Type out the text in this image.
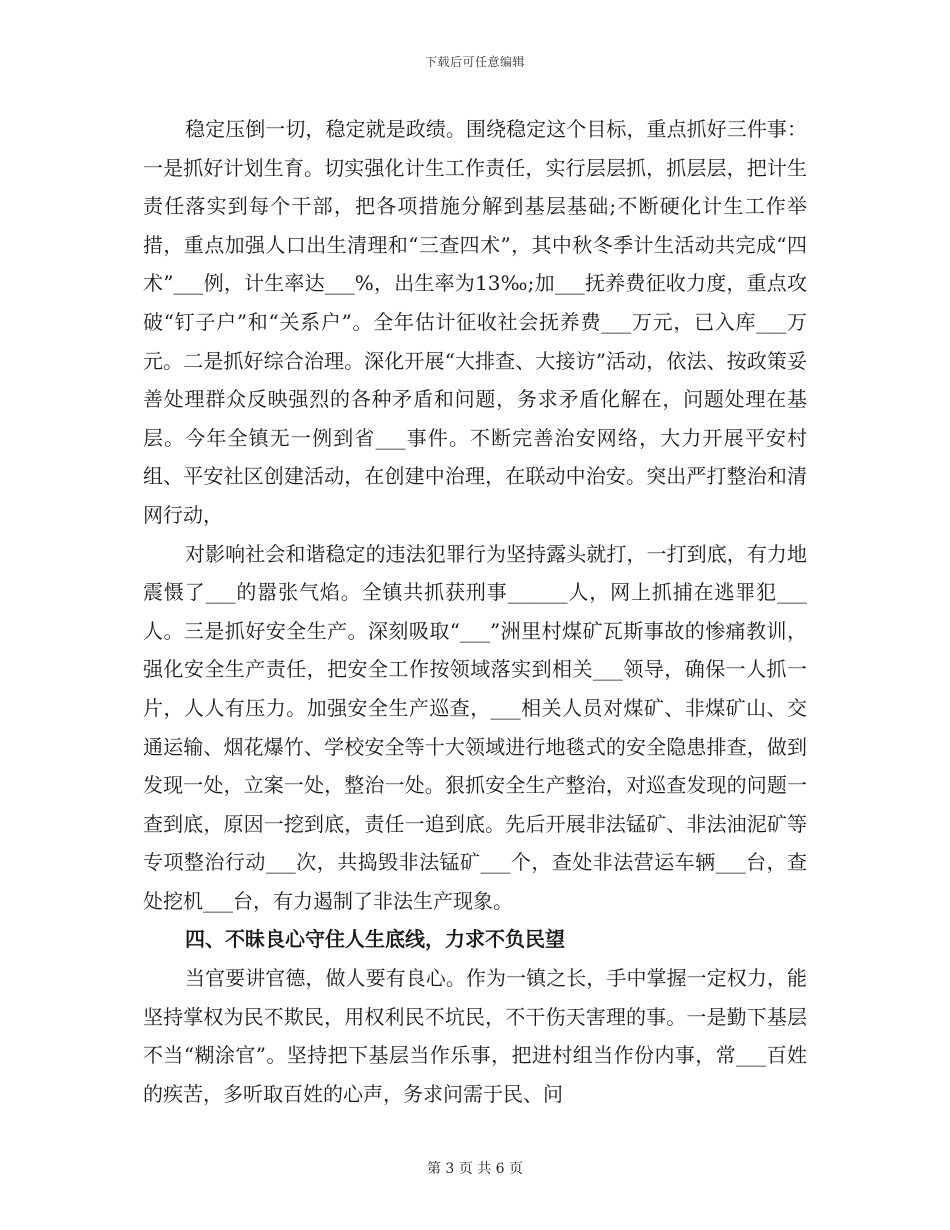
下载后可任意编辑

稳定压倒一切，稳定就是政绩。围绕稳定这个目标，重点抓好三件事：一是抓好计划生育。切实强化计生工作责任，实行层层抓，抓层层，把计生责任落实到每个干部，把各项措施分解到基层基础;不断硬化计生工作举措，重点加强人口出生清理和“三查四术”，其中秋冬季计生活动共完成“四术”___例，计生率达___%，出生率为13‰;加___抚养费征收力度，重点攻破“钉子户”和“关系户”。全年估计征收社会抚养费___万元，已入库___万元。二是抓好综合治理。深化开展“大排查、大接访”活动，依法、按政策妥善处理群众反映强烈的各种矛盾和问题，务求矛盾化解在，问题处理在基层。今年全镇无一例到省___事件。不断完善治安网络，大力开展平安村组、平安社区创建活动，在创建中治理，在联动中治安。突出严打整治和清网行动，

对影响社会和谐稳定的违法犯罪行为坚持露头就打，一打到底，有力地震慑了___的嚣张气焰。全镇共抓获刑事______人，网上抓捕在逃罪犯___人。三是抓好安全生产。深刻吸取“___”洲里村煤矿瓦斯事故的惨痛教训，强化安全生产责任，把安全工作按领域落实到相关___领导，确保一人抓一片，人人有压力。加强安全生产巡查，___相关人员对煤矿、非煤矿山、交通运输、烟花爆竹、学校安全等十大领域进行地毯式的安全隐患排查，做到发现一处，立案一处，整治一处。狠抓安全生产整治，对巡查发现的问题一查到底，原因一挖到底，责任一追到底。先后开展非法锰矿、非法油泥矿等专项整治行动___次，共捣毁非法锰矿___个，查处非法营运车辆___台，查处挖机___台，有力遏制了非法生产现象。

四、不昧良心守住人生底线，力求不负民望

当官要讲官德，做人要有良心。作为一镇之长，手中掌握一定权力，能坚持掌权为民不欺民，用权利民不坑民，不干伤天害理的事。一是勤下基层不当“糊涂官”。坚持把下基层当作乐事，把进村组当作份内事，常___百姓的疾苦，多听取百姓的心声，务求问需于民、问

第 3 页 共 6 页
